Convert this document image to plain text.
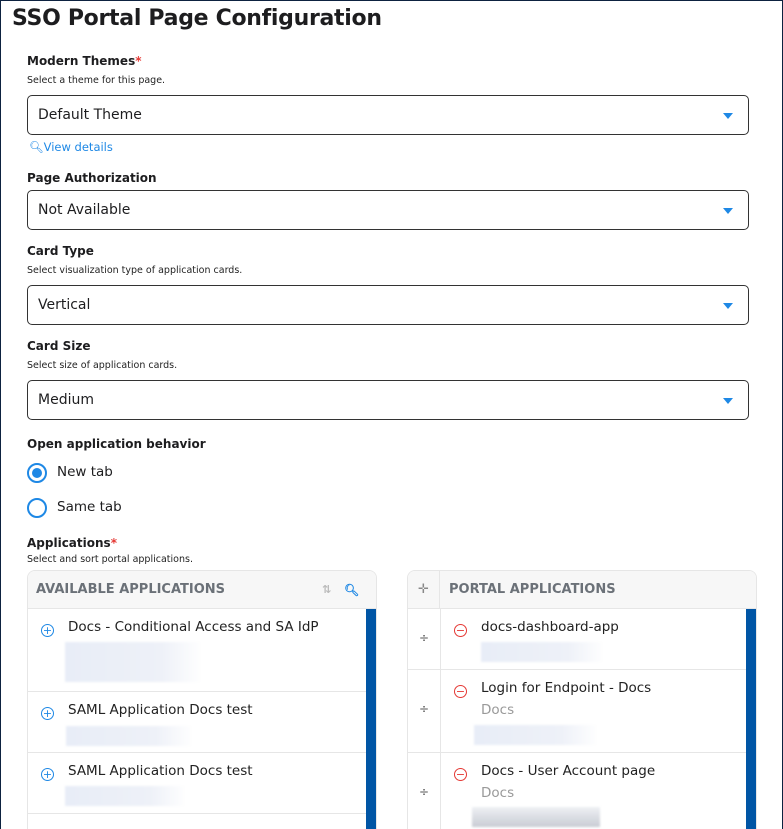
SSO Portal Page Configuration
Modern Themes*
Select a theme for this page.
Default Theme
🔍︎View details
Page Authorization
Not Available
Card Type
Select visualization type of application cards.
Vertical
Card Size
Select size of application cards.
Medium
Open application behavior
New tab
Same tab
Applications*
Select and sort portal applications.
AVAILABLE APPLICATIONS	⇅ 🔍︎
+ Docs - Conditional Access and SA IdP
+ SAML Application Docs test
+ SAML Application Docs test
✛	PORTAL APPLICATIONS
÷
− docs-dashboard-app
÷
− Login for Endpoint - Docs
Docs
÷
− Docs - User Account page
Docs
